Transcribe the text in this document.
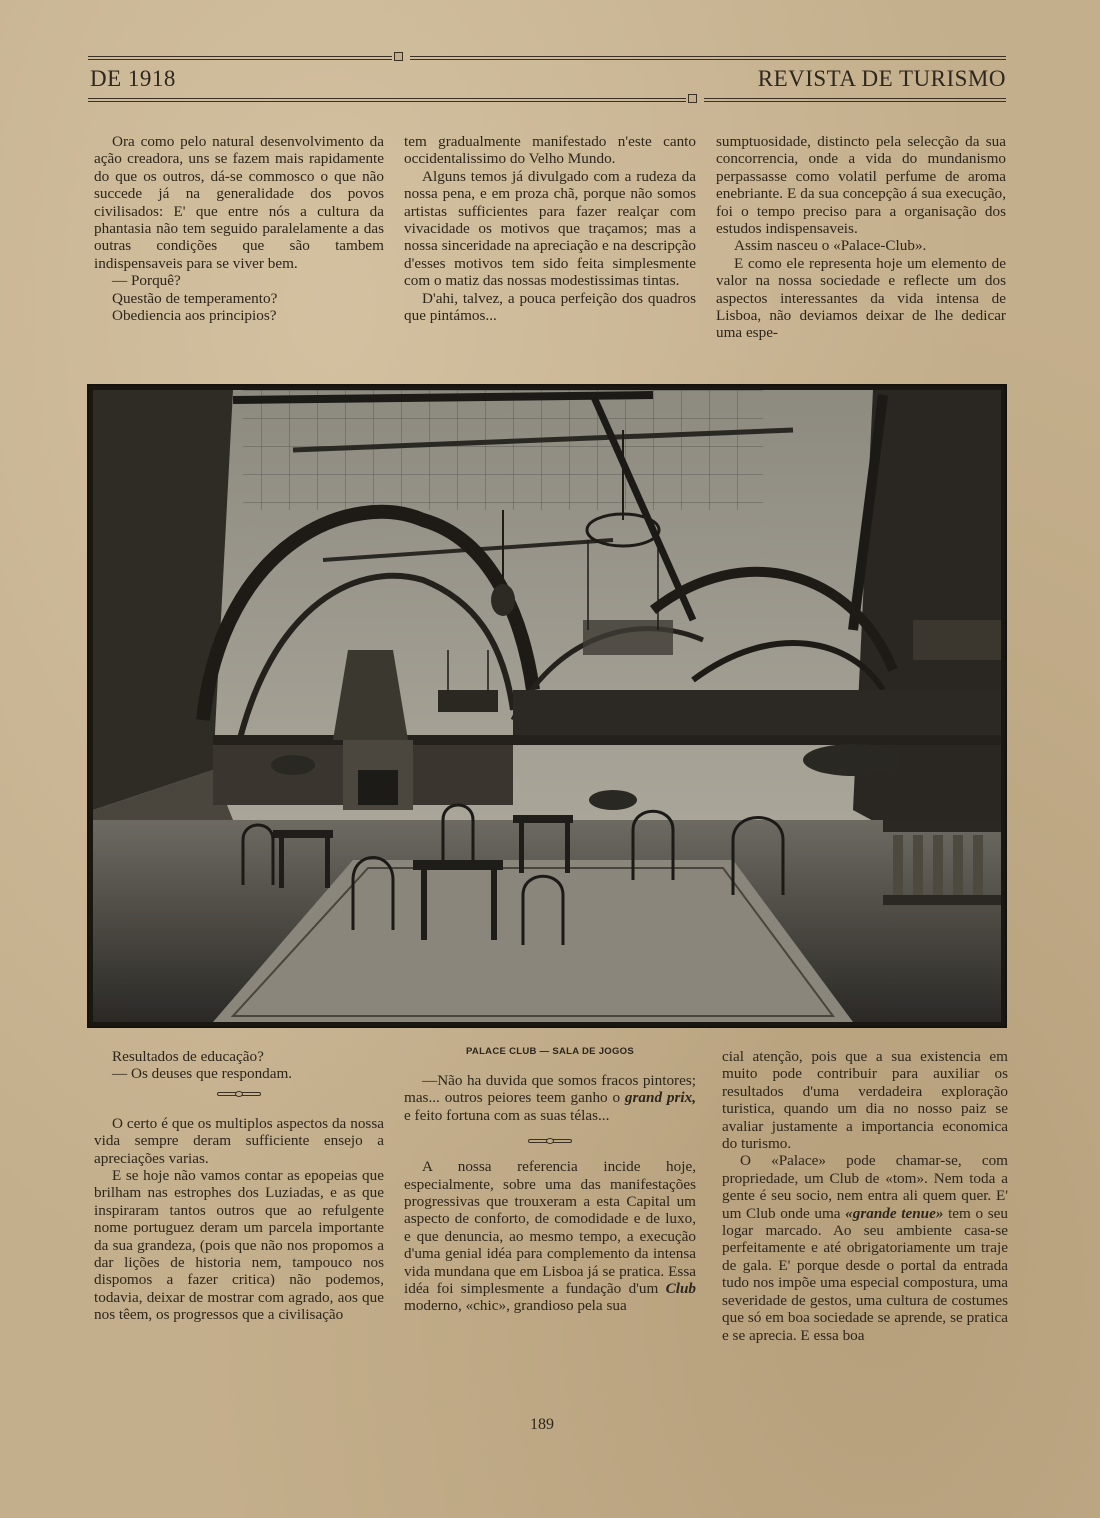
DE 1918	REVISTA DE TURISMO

Ora como pelo natural desenvolvimento da ação creadora, uns se fazem mais rapidamente do que os outros, dá-se commosco o que não succede já na generalidade dos povos civilisados: E' que entre nós a cultura da phantasia não tem seguido paralelamente a das outras condições que são tambem indispensaveis para se viver bem.

— Porquê?

Questão de temperamento?

Obediencia aos principios?

tem gradualmente manifestado n'este canto occidentalissimo do Velho Mundo.

Alguns temos já divulgado com a rudeza da nossa pena, e em proza chã, porque não somos artistas sufficientes para fazer realçar com vivacidade os motivos que traçamos; mas a nossa sinceridade na apreciação e na descripção d'esses motivos tem sido feita simplesmente com o matiz das nossas modestissimas tintas.

D'ahi, talvez, a pouca perfeição dos quadros que pintámos...

sumptuosidade, distincto pela selecção da sua concorrencia, onde a vida do mundanismo perpassasse como volatil perfume de aroma enebriante. E da sua concepção á sua execução, foi o tempo preciso para a organisação dos estudos indispensaveis.

Assim nasceu o «Palace-Club».

E como ele representa hoje um elemento de valor na nossa sociedade e reflecte um dos aspectos interessantes da vida intensa de Lisboa, não deviamos deixar de lhe dedicar uma espe-

PALACE CLUB — SALA DE JOGOS

Resultados de educação?

— Os deuses que respondam.

O certo é que os multiplos aspectos da nossa vida sempre deram sufficiente ensejo a apreciações varias.

E se hoje não vamos contar as epopeias que brilham nas estrophes dos Luziadas, e as que inspiraram tantos outros que ao refulgente nome portuguez deram um parcela importante da sua grandeza, (pois que não nos propomos a dar lições de historia nem, tampouco nos dispomos a fazer critica) não podemos, todavia, deixar de mostrar com agrado, aos que nos têem, os progressos que a civilisação

—Não ha duvida que somos fracos pintores; mas... outros peiores teem ganho o grand prix, e feito fortuna com as suas télas...

A nossa referencia incide hoje, especialmente, sobre uma das manifestações progressivas que trouxeram a esta Capital um aspecto de conforto, de comodidade e de luxo, e que denuncia, ao mesmo tempo, a execução d'uma genial idéa para complemento da intensa vida mundana que em Lisboa já se pratica. Essa idéa foi simplesmente a fundação d'um Club moderno, «chic», grandioso pela sua

cial atenção, pois que a sua existencia em muito pode contribuir para auxiliar os resultados d'uma verdadeira exploração turistica, quando um dia no nosso paiz se avaliar justamente a importancia economica do turismo.

O «Palace» pode chamar-se, com propriedade, um Club de «tom». Nem toda a gente é seu socio, nem entra ali quem quer. E' um Club onde uma «grande tenue» tem o seu logar marcado. Ao seu ambiente casa-se perfeitamente e até obrigatoriamente um traje de gala. E' porque desde o portal da entrada tudo nos impõe uma especial compostura, uma severidade de gestos, uma cultura de costumes que só em boa sociedade se aprende, se pratica e se aprecia. E essa boa

189
